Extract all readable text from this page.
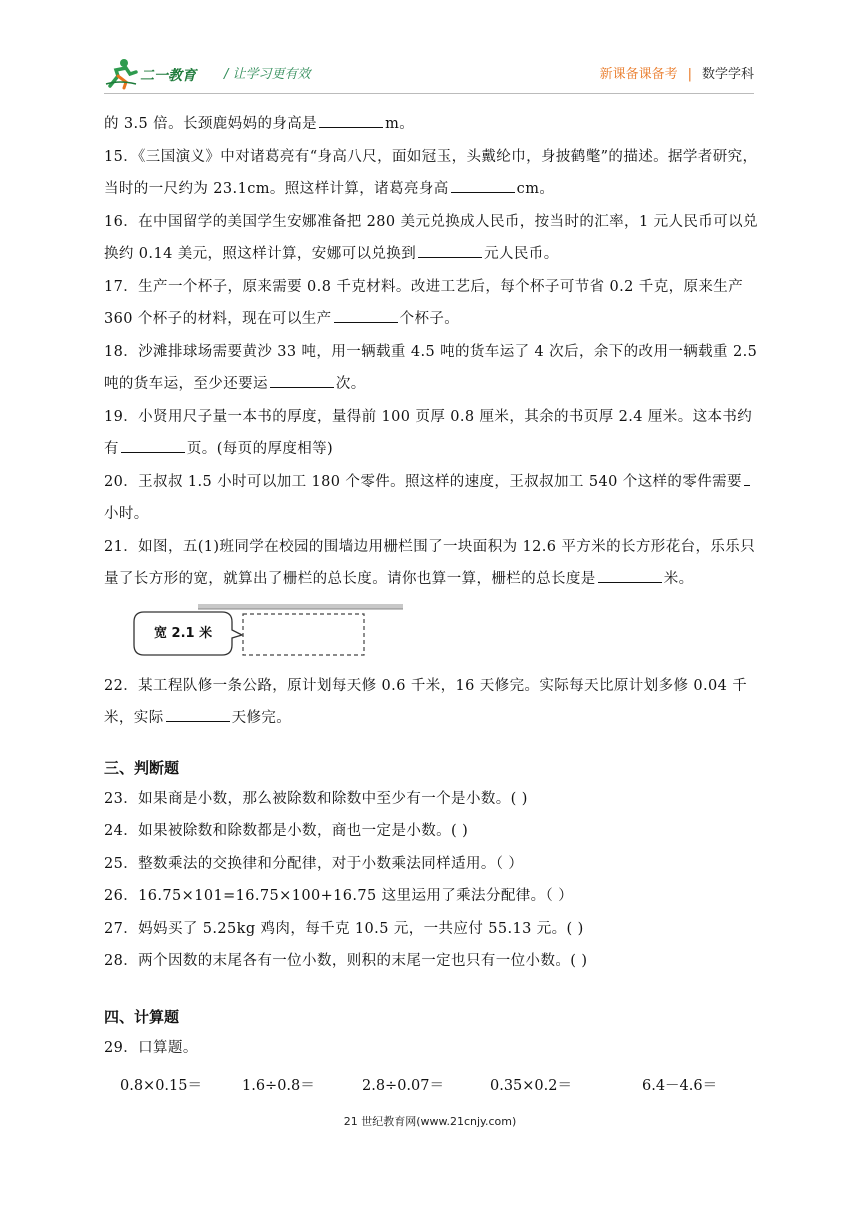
二一教育 / 让学习更有效	新课备课备考 | 数学学科

的 3.5 倍。长颈鹿妈妈的身高是	m。

15．《三国演义》中对诸葛亮有“身高八尺，面如冠玉，头戴纶巾，身披鹤氅”的描述。据学者研究，当时的一尺约为 23.1cm。照这样计算，诸葛亮身高	cm。

16．在中国留学的美国学生安娜准备把 280 美元兑换成人民币，按当时的汇率，1 元人民币可以兑换约 0.14 美元，照这样计算，安娜可以兑换到	元人民币。

17．生产一个杯子，原来需要 0.8 千克材料。改进工艺后，每个杯子可节省 0.2 千克，原来生产 360 个杯子的材料，现在可以生产	个杯子。

18．沙滩排球场需要黄沙 33 吨，用一辆载重 4.5 吨的货车运了 4 次后，余下的改用一辆载重 2.5 吨的货车运，至少还要运	次。

19．小贤用尺子量一本书的厚度，量得前 100 页厚 0.8 厘米，其余的书页厚 2.4 厘米。这本书约有	页。(每页的厚度相等)

20．王叔叔 1.5 小时可以加工 180 个零件。照这样的速度，王叔叔加工 540 个这样的零件需要小时。

21．如图，五(1)班同学在校园的围墙边用栅栏围了一块面积为 12.6 平方米的长方形花台，乐乐只量了长方形的宽，就算出了栅栏的总长度。请你也算一算，栅栏的总长度是	米。

宽 2.1 米

22．某工程队修一条公路，原计划每天修 0.6 千米，16 天修完。实际每天比原计划多修 0.04 千米，实际	天修完。

三、判断题

23．如果商是小数，那么被除数和除数中至少有一个是小数。( )

24．如果被除数和除数都是小数，商也一定是小数。( )

25．整数乘法的交换律和分配律，对于小数乘法同样适用。（ ）

26．16.75×101=16.75×100+16.75 这里运用了乘法分配律。（ ）

27．妈妈买了 5.25kg 鸡肉，每千克 10.5 元，一共应付 55.13 元。( )

28．两个因数的末尾各有一位小数，则积的末尾一定也只有一位小数。( )

四、计算题

29．口算题。

0.8×0.15＝	1.6÷0.8＝	2.8÷0.07＝	0.35×0.2＝	6.4－4.6＝
21 世纪教育网(www.21cnjy.com)
